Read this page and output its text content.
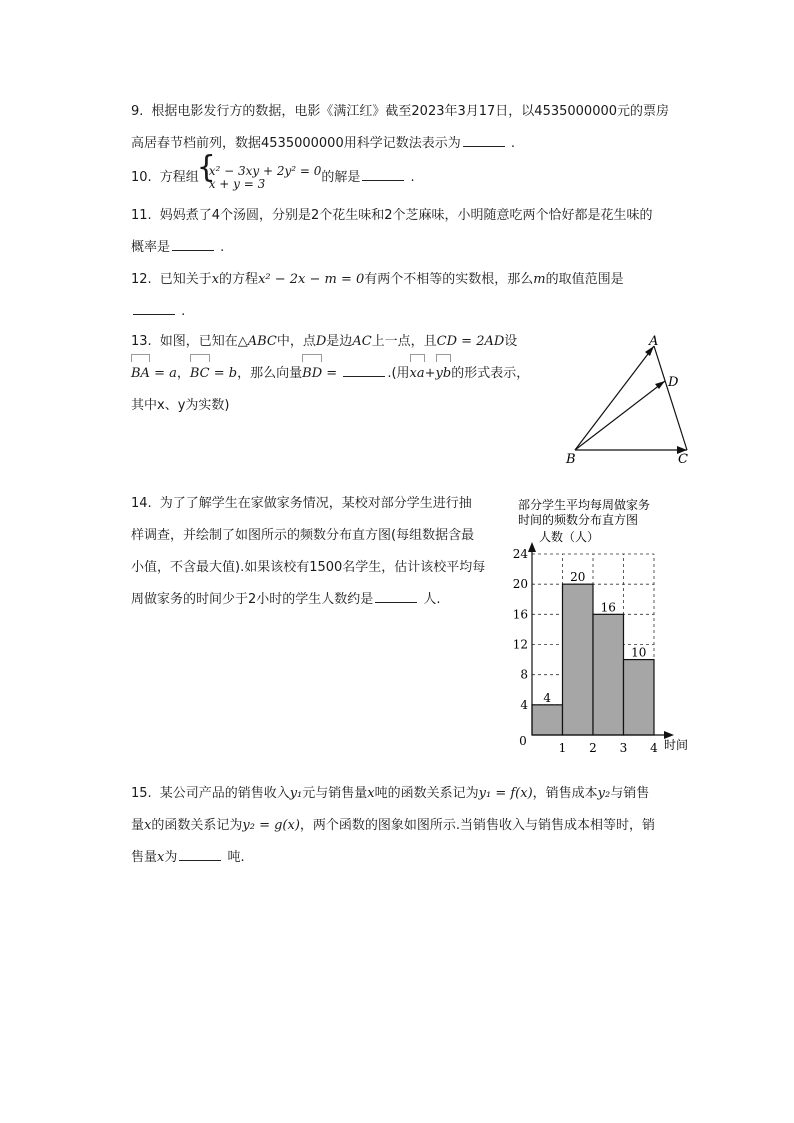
9. 根据电影发行方的数据，电影《满江红》截至2023年3月17日，以4535000000元的票房
高居春节档前列，数据4535000000用科学记数法表示为	.
10. 方程组
{ x² − 3xy + 2y² = 0
x + y = 3	的解是	.
11. 妈妈煮了4个汤圆，分别是2个花生味和2个芝麻味，小明随意吃两个恰好都是花生味的
概率是	.
12. 已知关于x的方程x² − 2x − m = 0有两个不相等的实数根，那么m的取值范围是
.
13. 如图，已知在△ABC中，点D是边AC上一点，且CD = 2AD设
BA = a，BC = b，那么向量BD =	.(用xa+yb的形式表示，
其中x、y为实数)
A
D
B	C
14. 为了了解学生在家做家务情况，某校对部分学生进行抽
样调查，并绘制了如图所示的频数分布直方图(每组数据含最
小值，不含最大值).如果该校有1500名学生，估计该校平均每
周做家务的时间少于2小时的学生人数约是	人.
部分学生平均每周做家务
时间的频数分布直方图
人数（人）
4
8
12
16
20
24
1 2 3 4
4
20
16
10
0	时间
15. 某公司产品的销售收入y₁元与销售量x吨的函数关系记为y₁ = f(x)，销售成本y₂与销售
量x的函数关系记为y₂ = g(x)，两个函数的图象如图所示.当销售收入与销售成本相等时，销
售量x为	吨.
